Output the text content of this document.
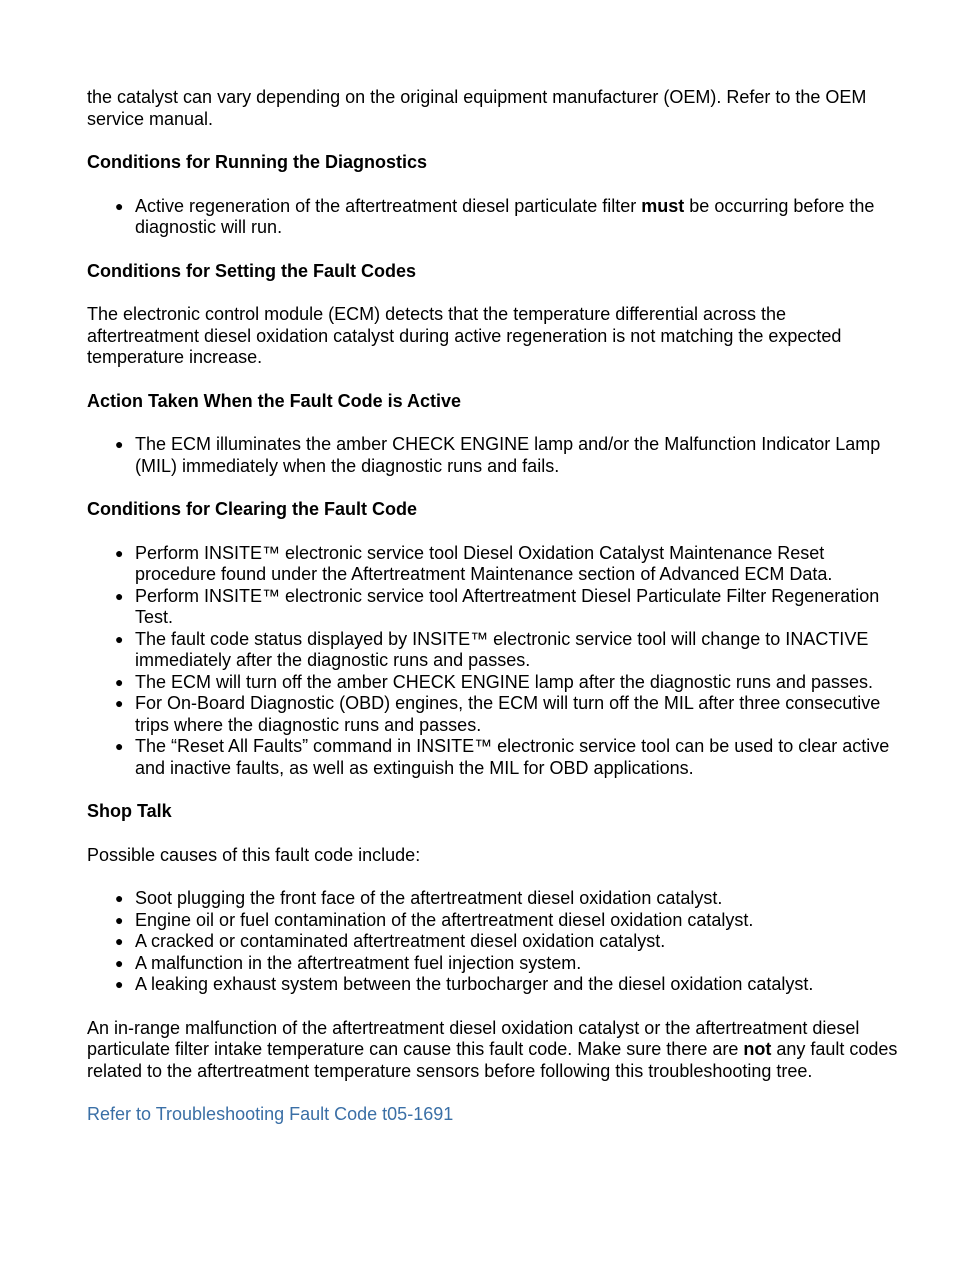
the catalyst can vary depending on the original equipment manufacturer (OEM). Refer to the OEM service manual.

Conditions for Running the Diagnostics
● Active regeneration of the aftertreatment diesel particulate filter must be occurring before the diagnostic will run.
Conditions for Setting the Fault Codes

The electronic control module (ECM) detects that the temperature differential across the aftertreatment diesel oxidation catalyst during active regeneration is not matching the expected temperature increase.

Action Taken When the Fault Code is Active
● The ECM illuminates the amber CHECK ENGINE lamp and/or the Malfunction Indicator Lamp (MIL) immediately when the diagnostic runs and fails.
Conditions for Clearing the Fault Code
● Perform INSITE™ electronic service tool Diesel Oxidation Catalyst Maintenance Reset procedure found under the Aftertreatment Maintenance section of Advanced ECM Data.
● Perform INSITE™ electronic service tool Aftertreatment Diesel Particulate Filter Regeneration Test.
● The fault code status displayed by INSITE™ electronic service tool will change to INACTIVE immediately after the diagnostic runs and passes.
● The ECM will turn off the amber CHECK ENGINE lamp after the diagnostic runs and passes.
● For On-Board Diagnostic (OBD) engines, the ECM will turn off the MIL after three consecutive trips where the diagnostic runs and passes.
● The “Reset All Faults” command in INSITE™ electronic service tool can be used to clear active and inactive faults, as well as extinguish the MIL for OBD applications.
Shop Talk

Possible causes of this fault code include:

● Soot plugging the front face of the aftertreatment diesel oxidation catalyst.
● Engine oil or fuel contamination of the aftertreatment diesel oxidation catalyst.
● A cracked or contaminated aftertreatment diesel oxidation catalyst.
● A malfunction in the aftertreatment fuel injection system.
● A leaking exhaust system between the turbocharger and the diesel oxidation catalyst.

An in-range malfunction of the aftertreatment diesel oxidation catalyst or the aftertreatment diesel particulate filter intake temperature can cause this fault code. Make sure there are not any fault codes related to the aftertreatment temperature sensors before following this troubleshooting tree.

Refer to Troubleshooting Fault Code t05-1691
